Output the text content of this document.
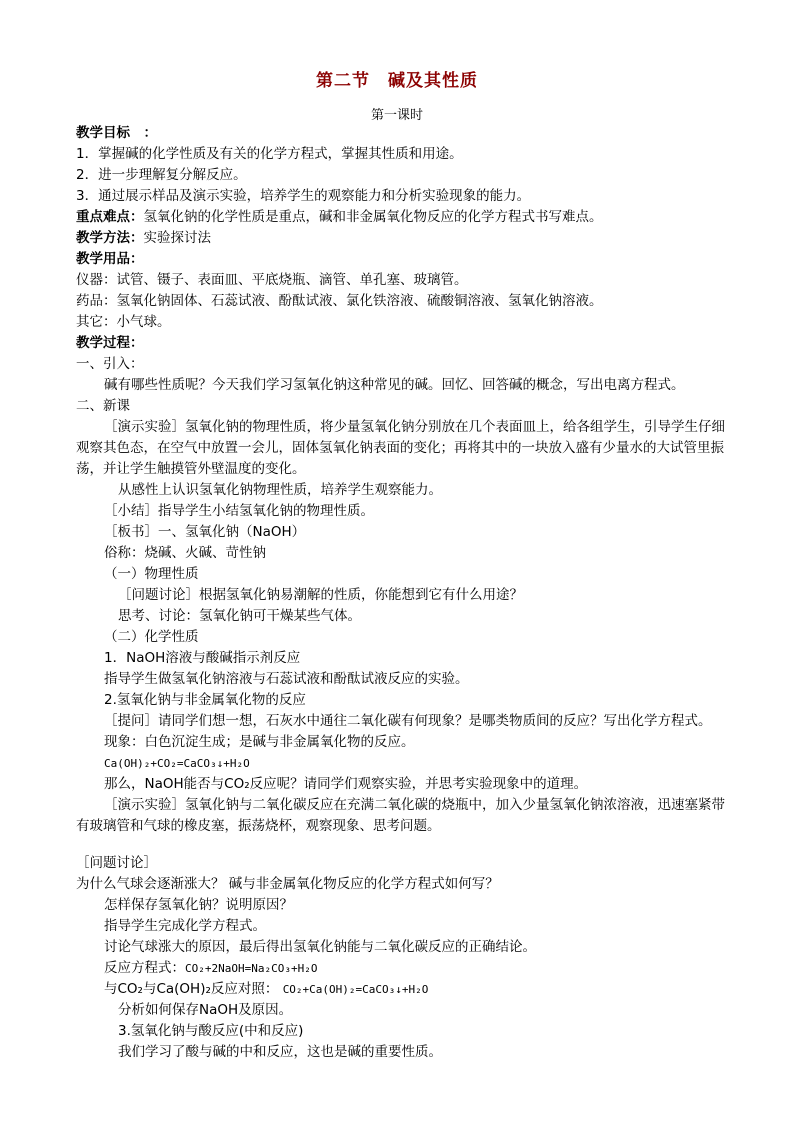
第二节　碱及其性质
第一课时
教学目标　：
1．掌握碱的化学性质及有关的化学方程式，掌握其性质和用途。
2．进一步理解复分解反应。
3．通过展示样品及演示实验，培养学生的观察能力和分析实验现象的能力。
重点难点：氢氧化钠的化学性质是重点，碱和非金属氧化物反应的化学方程式书写难点。
教学方法：实验探讨法
教学用品：
仪器：试管、镊子、表面皿、平底烧瓶、滴管、单孔塞、玻璃管。
药品：氢氧化钠固体、石蕊试液、酚酞试液、氯化铁溶液、硫酸铜溶液、氢氧化钠溶液。
其它：小气球。
教学过程：
一、引入：
碱有哪些性质呢？今天我们学习氢氧化钠这种常见的碱。回忆、回答碱的概念，写出电离方程式。
二、新课
［演示实验］氢氧化钠的物理性质，将少量氢氧化钠分别放在几个表面皿上，给各组学生，引导学生仔细观察其色态，在空气中放置一会儿，固体氢氧化钠表面的变化；再将其中的一块放入盛有少量水的大试管里振荡，并让学生触摸管外壁温度的变化。
从感性上认识氢氧化钠物理性质，培养学生观察能力。
［小结］指导学生小结氢氧化钠的物理性质。
［板书］一、氢氧化钠（NaOH）
俗称：烧碱、火碱、苛性钠
（一）物理性质
［问题讨论］根据氢氧化钠易潮解的性质，你能想到它有什么用途？
思考、讨论：氢氧化钠可干燥某些气体。
（二）化学性质
1．NaOH溶液与酸碱指示剂反应
指导学生做氢氧化钠溶液与石蕊试液和酚酞试液反应的实验。
2.氢氧化钠与非金属氧化物的反应
［提问］请同学们想一想，石灰水中通往二氧化碳有何现象？是哪类物质间的反应？写出化学方程式。
现象：白色沉淀生成；是碱与非金属氧化物的反应。
Ca(OH)₂+CO₂=CaCO₃↓+H₂O
那么，NaOH能否与CO₂反应呢？请同学们观察实验，并思考实验现象中的道理。
［演示实验］氢氧化钠与二氧化碳反应在充满二氧化碳的烧瓶中，加入少量氢氧化钠浓溶液，迅速塞紧带有玻璃管和气球的橡皮塞，振荡烧杯，观察现象、思考问题。
［问题讨论］
为什么气球会逐渐涨大？ 碱与非金属氧化物反应的化学方程式如何写？
怎样保存氢氧化钠？说明原因？
指导学生完成化学方程式。
讨论气球涨大的原因，最后得出氢氧化钠能与二氧化碳反应的正确结论。
反应方程式：CO₂+2NaOH=Na₂CO₃+H₂O
与CO₂与Ca(OH)₂反应对照： CO₂+Ca(OH)₂=CaCO₃↓+H₂O
分析如何保存NaOH及原因。
3.氢氧化钠与酸反应(中和反应)
我们学习了酸与碱的中和反应，这也是碱的重要性质。
